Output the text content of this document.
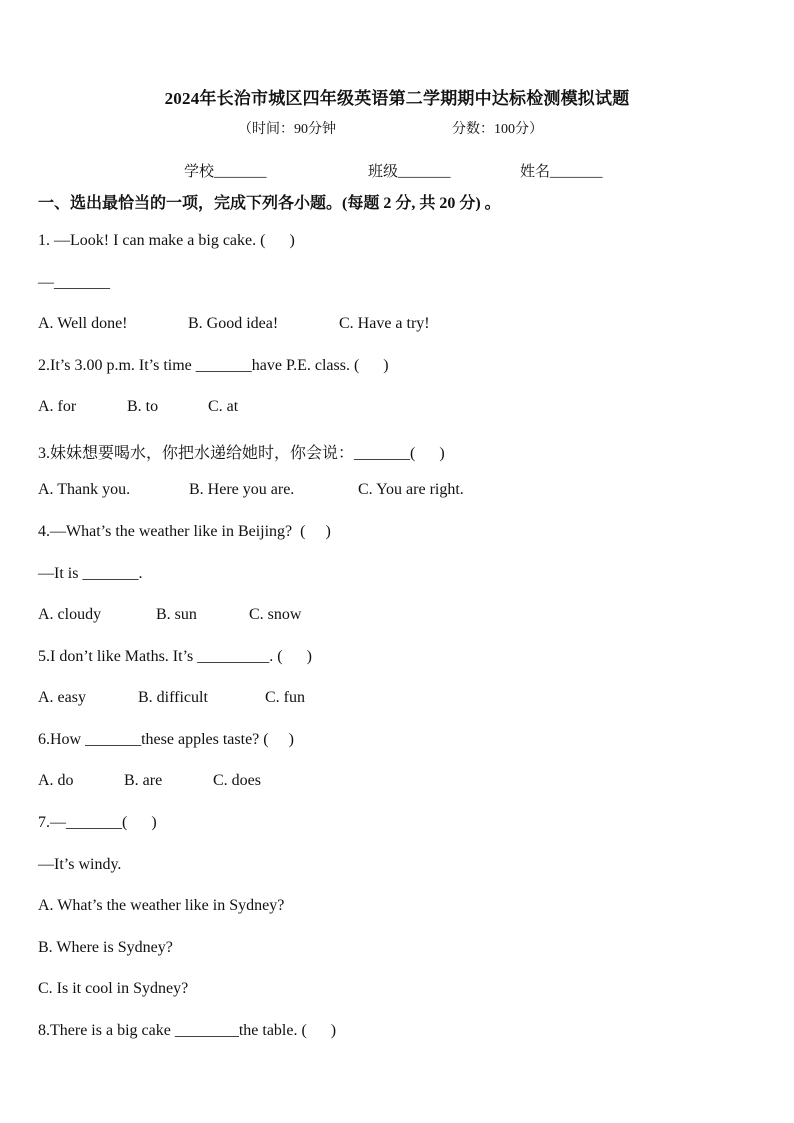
2024年长治市城区四年级英语第二学期期中达标检测模拟试题
（时间：90分钟	分数：100分）
学校_______	班级_______	姓名_______
一、选出最恰当的一项，完成下列各小题。(每题 2 分, 共 20 分) 。
1. —Look! I can make a big cake. (      )
—_______
A. Well done!	B. Good idea!	C. Have a try!
2.It’s 3.00 p.m. It’s time _______have P.E. class. (      )
A. for	B. to	C. at
3.妹妹想要喝水，你把水递给她时，你会说：_______(      )
A. Thank you.	B. Here you are.	C. You are right.
4.—What’s the weather like in Beijing?  (     )
—It is _______.
A. cloudy	B. sun	C. snow
5.I don’t like Maths. It’s _________. (      )
A. easy	B. difficult	C. fun
6.How _______these apples taste? (     )
A. do	B. are	C. does
7.—_______(      )
—It’s windy.
A. What’s the weather like in Sydney?
B. Where is Sydney?
C. Is it cool in Sydney?
8.There is a big cake ________the table. (      )
